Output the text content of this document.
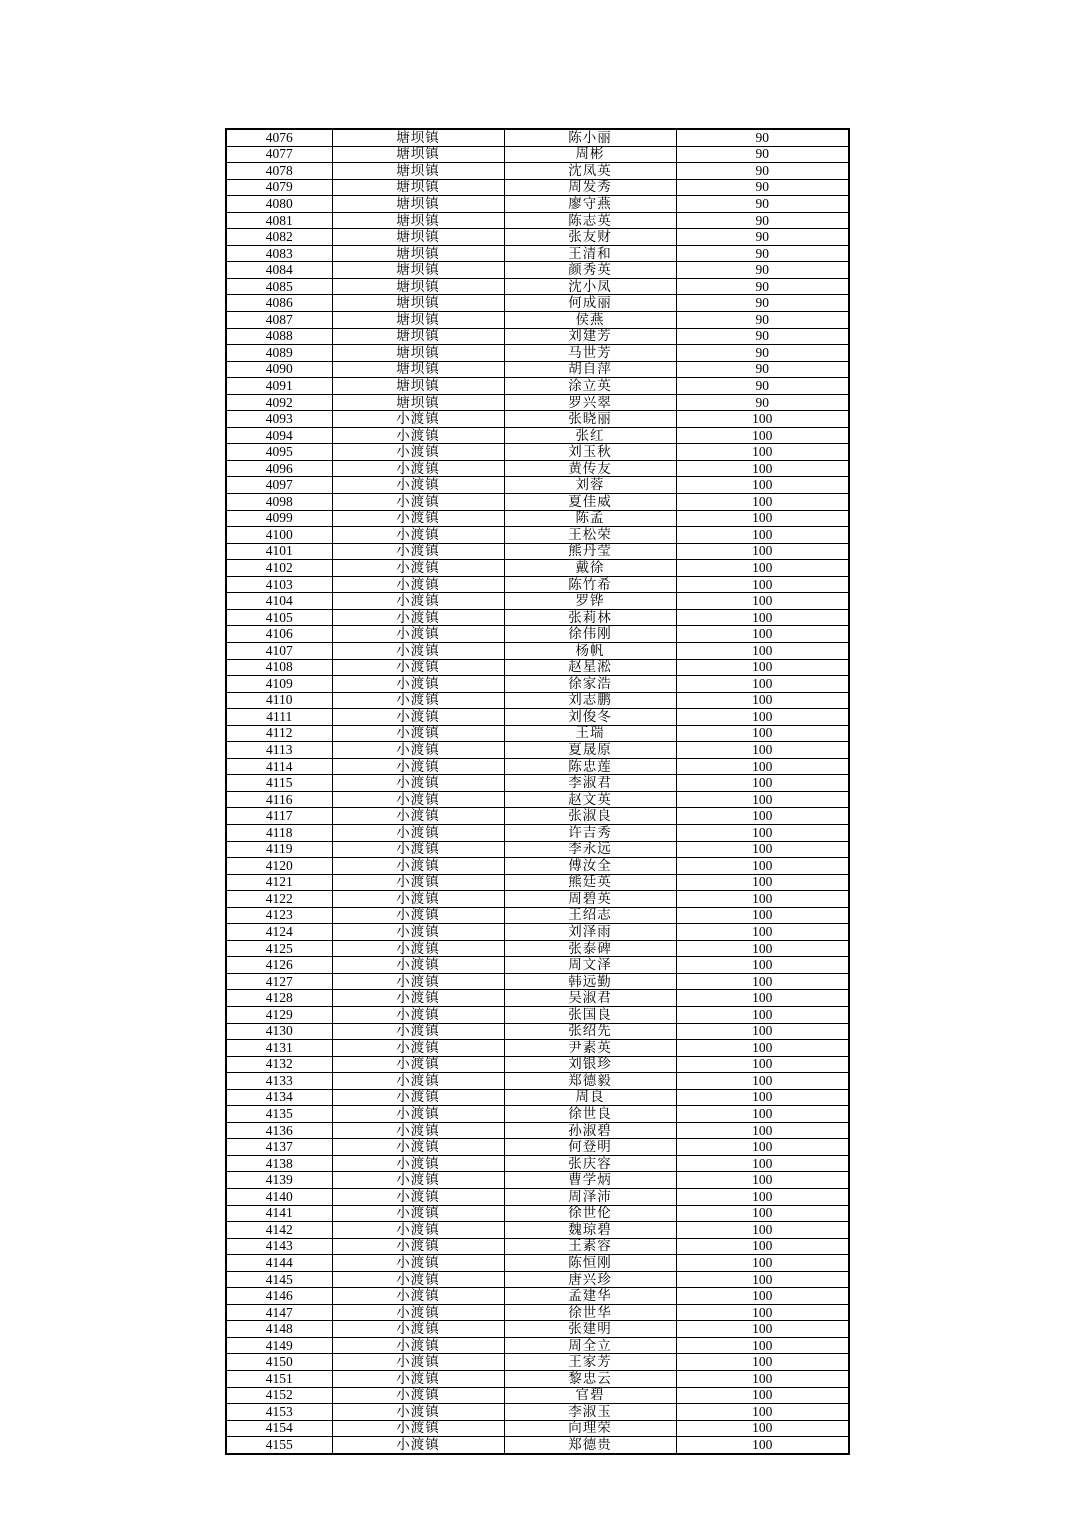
4076	塘坝镇	陈小丽	90
4077	塘坝镇	周彬	90
4078	塘坝镇	沈凤英	90
4079	塘坝镇	周发秀	90
4080	塘坝镇	廖守燕	90
4081	塘坝镇	陈志英	90
4082	塘坝镇	张友财	90
4083	塘坝镇	王清和	90
4084	塘坝镇	颜秀英	90
4085	塘坝镇	沈小凤	90
4086	塘坝镇	何成丽	90
4087	塘坝镇	侯燕	90
4088	塘坝镇	刘建芳	90
4089	塘坝镇	马世芳	90
4090	塘坝镇	胡自萍	90
4091	塘坝镇	涂立英	90
4092	塘坝镇	罗兴翠	90
4093	小渡镇	张晓丽	100
4094	小渡镇	张红	100
4095	小渡镇	刘玉秋	100
4096	小渡镇	黄传友	100
4097	小渡镇	刘蓉	100
4098	小渡镇	夏佳威	100
4099	小渡镇	陈孟	100
4100	小渡镇	王松荣	100
4101	小渡镇	熊丹莹	100
4102	小渡镇	戴徐	100
4103	小渡镇	陈竹希	100
4104	小渡镇	罗铧	100
4105	小渡镇	张莉林	100
4106	小渡镇	徐伟刚	100
4107	小渡镇	杨帆	100
4108	小渡镇	赵星淞	100
4109	小渡镇	徐家浩	100
4110	小渡镇	刘志鹏	100
4111	小渡镇	刘俊冬	100
4112	小渡镇	王瑞	100
4113	小渡镇	夏晟原	100
4114	小渡镇	陈忠莲	100
4115	小渡镇	李淑君	100
4116	小渡镇	赵文英	100
4117	小渡镇	张淑良	100
4118	小渡镇	许吉秀	100
4119	小渡镇	李永远	100
4120	小渡镇	傅汝全	100
4121	小渡镇	熊廷英	100
4122	小渡镇	周碧英	100
4123	小渡镇	王绍志	100
4124	小渡镇	刘泽雨	100
4125	小渡镇	张泰碑	100
4126	小渡镇	周文泽	100
4127	小渡镇	韩远勤	100
4128	小渡镇	吴淑君	100
4129	小渡镇	张国良	100
4130	小渡镇	张绍先	100
4131	小渡镇	尹素英	100
4132	小渡镇	刘银珍	100
4133	小渡镇	郑德毅	100
4134	小渡镇	周良	100
4135	小渡镇	徐世良	100
4136	小渡镇	孙淑碧	100
4137	小渡镇	何登明	100
4138	小渡镇	张庆容	100
4139	小渡镇	曹学炳	100
4140	小渡镇	周泽沛	100
4141	小渡镇	徐世伦	100
4142	小渡镇	魏琼碧	100
4143	小渡镇	王素容	100
4144	小渡镇	陈恒刚	100
4145	小渡镇	唐兴珍	100
4146	小渡镇	孟建华	100
4147	小渡镇	徐世华	100
4148	小渡镇	张建明	100
4149	小渡镇	周全立	100
4150	小渡镇	王家芳	100
4151	小渡镇	黎忠云	100
4152	小渡镇	官碧	100
4153	小渡镇	李淑玉	100
4154	小渡镇	向理荣	100
4155	小渡镇	郑德贵	100
